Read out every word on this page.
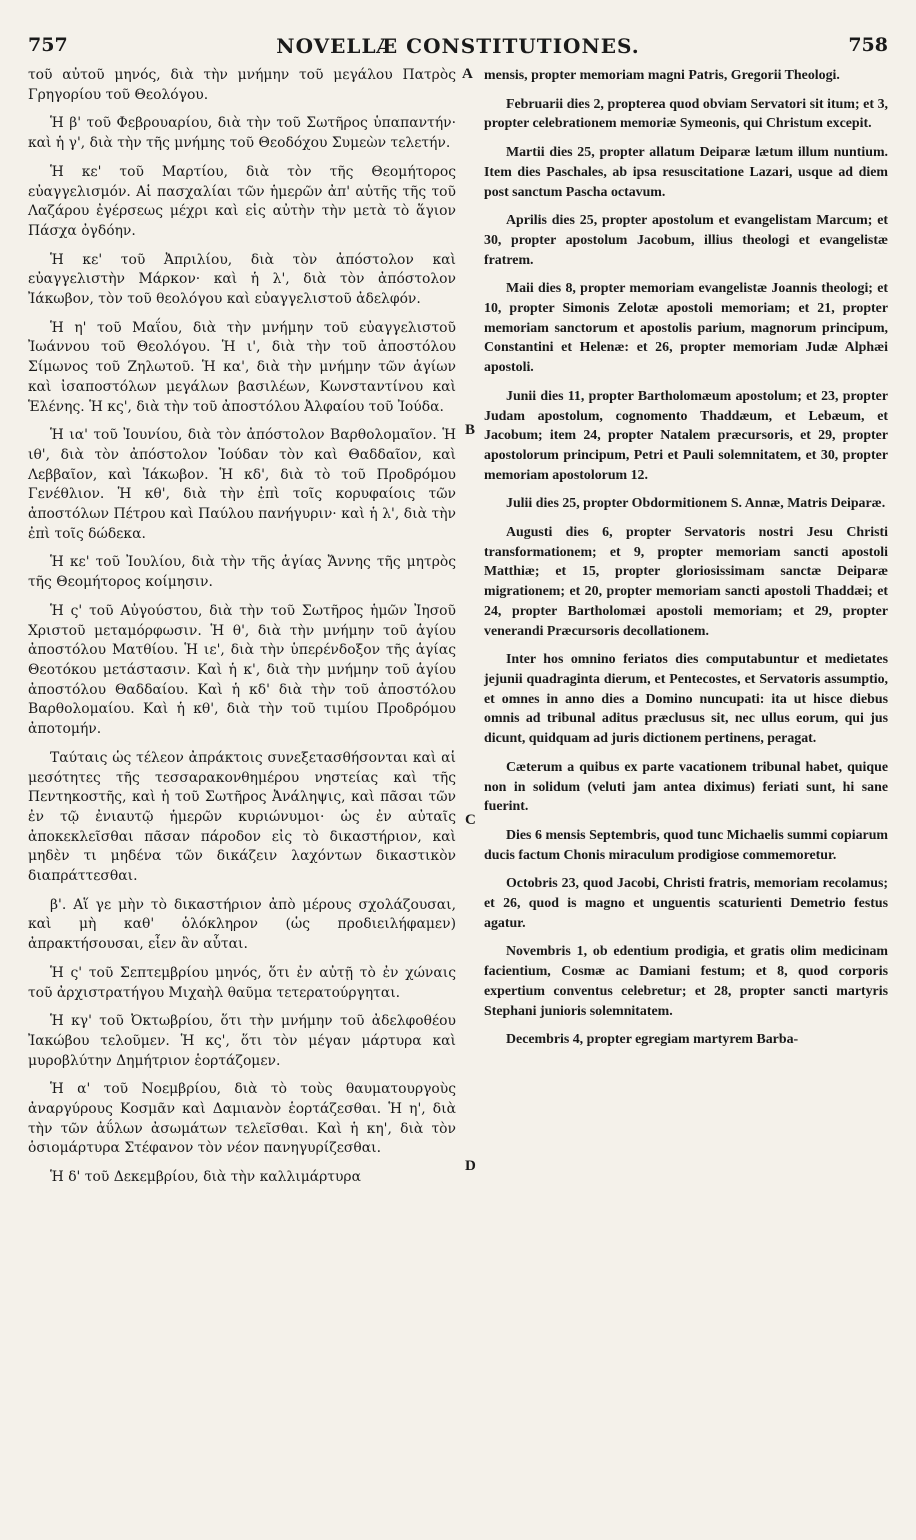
757	NOVELLÆ CONSTITUTIONES.	758

τοῦ αὐτοῦ μηνός, διὰ τὴν μνήμην τοῦ μεγάλου Πατρὸς Γρηγορίου τοῦ Θεολόγου.

Ἡ β' τοῦ Φεβρουαρίου, διὰ τὴν τοῦ Σωτῆρος ὑπαπαντήν· καὶ ἡ γ', διὰ τὴν τῆς μνήμης τοῦ Θεοδόχου Συμεὼν τελετήν.

Ἡ κε' τοῦ Μαρτίου, διὰ τὸν τῆς Θεομήτορος εὐαγγελισμόν. Αἱ πασχαλίαι τῶν ἡμερῶν ἀπ' αὐτῆς τῆς τοῦ Λαζάρου ἐγέρσεως μέχρι καὶ εἰς αὐτὴν τὴν μετὰ τὸ ἅγιον Πάσχα ὀγδόην.

Ἡ κε' τοῦ Ἀπριλίου, διὰ τὸν ἀπόστολον καὶ εὐαγγελιστὴν Μάρκον· καὶ ἡ λ', διὰ τὸν ἀπόστολον Ἰάκωβον, τὸν τοῦ θεολόγου καὶ εὐαγγελιστοῦ ἀδελφόν.

Ἡ η' τοῦ Μαΐου, διὰ τὴν μνήμην τοῦ εὐαγγελιστοῦ Ἰωάννου τοῦ Θεολόγου. Ἡ ι', διὰ τὴν τοῦ ἀποστόλου Σίμωνος τοῦ Ζηλωτοῦ. Ἡ κα', διὰ τὴν μνήμην τῶν ἁγίων καὶ ἰσαποστόλων μεγάλων βασιλέων, Κωνσταντίνου καὶ Ἑλένης. Ἡ κς', διὰ τὴν τοῦ ἀποστόλου Ἀλφαίου τοῦ Ἰούδα.

Ἡ ια' τοῦ Ἰουνίου, διὰ τὸν ἀπόστολον Βαρθολομαῖον. Ἡ ιθ', διὰ τὸν ἀπόστολον Ἰούδαν τὸν καὶ Θαδδαῖον, καὶ Λεββαῖον, καὶ Ἰάκωβον. Ἡ κδ', διὰ τὸ τοῦ Προδρόμου Γενέθλιον. Ἡ κθ', διὰ τὴν ἐπὶ τοῖς κορυφαίοις τῶν ἀποστόλων Πέτρου καὶ Παύλου πανήγυριν· καὶ ἡ λ', διὰ τὴν ἐπὶ τοῖς δώδεκα.

Ἡ κε' τοῦ Ἰουλίου, διὰ τὴν τῆς ἁγίας Ἄννης τῆς μητρὸς τῆς Θεομήτορος κοίμησιν.

Ἡ ς' τοῦ Αὐγούστου, διὰ τὴν τοῦ Σωτῆρος ἡμῶν Ἰησοῦ Χριστοῦ μεταμόρφωσιν. Ἡ θ', διὰ τὴν μνήμην τοῦ ἁγίου ἀποστόλου Ματθίου. Ἡ ιε', διὰ τὴν ὑπερένδοξον τῆς ἁγίας Θεοτόκου μετάστασιν. Καὶ ἡ κ', διὰ τὴν μνήμην τοῦ ἁγίου ἀποστόλου Θαδδαίου. Καὶ ἡ κδ' διὰ τὴν τοῦ ἀποστόλου Βαρθολομαίου. Καὶ ἡ κθ', διὰ τὴν τοῦ τιμίου Προδρόμου ἀποτομήν.

Ταύταις ὡς τέλεον ἀπράκτοις συνεξετασθήσονται καὶ αἱ μεσότητες τῆς τεσσαρακονθημέρου νηστείας καὶ τῆς Πεντηκοστῆς, καὶ ἡ τοῦ Σωτῆρος Ἀνάληψις, καὶ πᾶσαι τῶν ἐν τῷ ἐνιαυτῷ ἡμερῶν κυριώνυμοι· ὡς ἐν αὐταῖς ἀποκεκλεῖσθαι πᾶσαν πάροδον εἰς τὸ δικαστήριον, καὶ μηδὲν τι μηδένα τῶν δικάζειν λαχόντων δικαστικὸν διαπράττεσθαι.

β'. Αἵ γε μὴν τὸ δικαστήριον ἀπὸ μέρους σχολάζουσαι, καὶ μὴ καθ' ὁλόκληρον (ὡς προδιειλήφαμεν) ἀπρακτήσουσαι, εἶεν ἂν αὗται.

Ἡ ς' τοῦ Σεπτεμβρίου μηνός, ὅτι ἐν αὐτῇ τὸ ἐν χώναις τοῦ ἀρχιστρατήγου Μιχαὴλ θαῦμα τετερατούργηται.

Ἡ κγ' τοῦ Ὀκτωβρίου, ὅτι τὴν μνήμην τοῦ ἀδελφοθέου Ἰακώβου τελοῦμεν. Ἡ κς', ὅτι τὸν μέγαν μάρτυρα καὶ μυροβλύτην Δημήτριον ἑορτάζομεν.

Ἡ α' τοῦ Νοεμβρίου, διὰ τὸ τοὺς θαυματουργοὺς ἀναργύρους Κοσμᾶν καὶ Δαμιανὸν ἑορτάζεσθαι. Ἡ η', διὰ τὴν τῶν ἀΰλων ἀσωμάτων τελεῖσθαι. Καὶ ἡ κη', διὰ τὸν ὁσιομάρτυρα Στέφανον τὸν νέον πανηγυρίζεσθαι.

Ἡ δ' τοῦ Δεκεμβρίου, διὰ τὴν καλλιμάρτυρα

mensis, propter memoriam magni Patris, Gregorii Theologi.

Februarii dies 2, propterea quod obviam Servatori sit itum; et 3, propter celebrationem memoriæ Symeonis, qui Christum excepit.

Martii dies 25, propter allatum Deiparæ lætum illum nuntium. Item dies Paschales, ab ipsa resuscitatione Lazari, usque ad diem post sanctum Pascha octavum.

Aprilis dies 25, propter apostolum et evangelistam Marcum; et 30, propter apostolum Jacobum, illius theologi et evangelistæ fratrem.

Maii dies 8, propter memoriam evangelistæ Joannis theologi; et 10, propter Simonis Zelotæ apostoli memoriam; et 21, propter memoriam sanctorum et apostolis parium, magnorum principum, Constantini et Helenæ: et 26, propter memoriam Judæ Alphæi apostoli.

Junii dies 11, propter Bartholomæum apostolum; et 23, propter Judam apostolum, cognomento Thaddæum, et Lebæum, et Jacobum; item 24, propter Natalem præcursoris, et 29, propter apostolorum principum, Petri et Pauli solemnitatem, et 30, propter memoriam apostolorum 12.

Julii dies 25, propter Obdormitionem S. Annæ, Matris Deiparæ.

Augusti dies 6, propter Servatoris nostri Jesu Christi transformationem; et 9, propter memoriam sancti apostoli Matthiæ; et 15, propter gloriosissimam sanctæ Deiparæ migrationem; et 20, propter memoriam sancti apostoli Thaddæi; et 24, propter Bartholomæi apostoli memoriam; et 29, propter venerandi Præcursoris decollationem.

Inter hos omnino feriatos dies computabuntur et medietates jejunii quadraginta dierum, et Pentecostes, et Servatoris assumptio, et omnes in anno dies a Domino nuncupati: ita ut hisce diebus omnis ad tribunal aditus præclusus sit, nec ullus eorum, qui jus dicunt, quidquam ad juris dictionem pertinens, peragat.

Cæterum a quibus ex parte vacationem tribunal habet, quique non in solidum (veluti jam antea diximus) feriati sunt, hi sane fuerint.

Dies 6 mensis Septembris, quod tunc Michaelis summi copiarum ducis factum Chonis miraculum prodigiose commemoretur.

Octobris 23, quod Jacobi, Christi fratris, memoriam recolamus; et 26, quod is magno et unguentis scaturienti Demetrio festus agatur.

Novembris 1, ob edentium prodigia, et gratis olim medicinam facientium, Cosmæ ac Damiani festum; et 8, quod corporis expertium conventus celebretur; et 28, propter sancti martyris Stephani junioris solemnitatem.

Decembris 4, propter egregiam martyrem Barba-

A
B
C
D
